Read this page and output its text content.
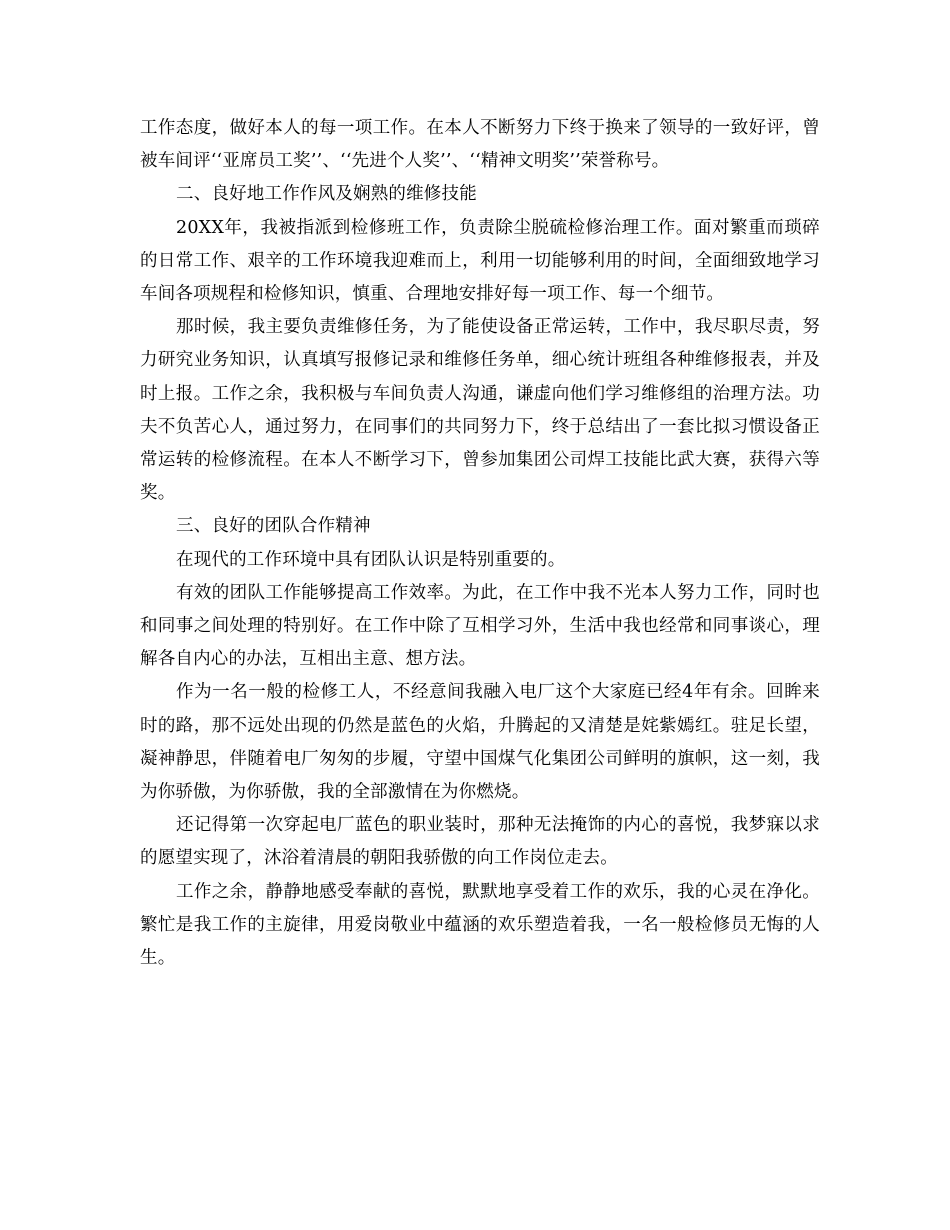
工作态度，做好本人的每一项工作。在本人不断努力下终于换来了领导的一致好评，曾被车间评‘‘亚席员工奖’’、‘‘先进个人奖’’、‘‘精神文明奖’’荣誉称号。

二、良好地工作作风及娴熟的维修技能

20XX年，我被指派到检修班工作，负责除尘脱硫检修治理工作。面对繁重而琐碎的日常工作、艰辛的工作环境我迎难而上，利用一切能够利用的时间，全面细致地学习车间各项规程和检修知识，慎重、合理地安排好每一项工作、每一个细节。

那时候，我主要负责维修任务，为了能使设备正常运转，工作中，我尽职尽责，努力研究业务知识，认真填写报修记录和维修任务单，细心统计班组各种维修报表，并及时上报。工作之余，我积极与车间负责人沟通，谦虚向他们学习维修组的治理方法。功夫不负苦心人，通过努力，在同事们的共同努力下，终于总结出了一套比拟习惯设备正常运转的检修流程。在本人不断学习下，曾参加集团公司焊工技能比武大赛，获得六等奖。

三、良好的团队合作精神

在现代的工作环境中具有团队认识是特别重要的。

有效的团队工作能够提高工作效率。为此，在工作中我不光本人努力工作，同时也和同事之间处理的特别好。在工作中除了互相学习外，生活中我也经常和同事谈心，理解各自内心的办法，互相出主意、想方法。

作为一名一般的检修工人，不经意间我融入电厂这个大家庭已经4年有余。回眸来时的路，那不远处出现的仍然是蓝色的火焰，升腾起的又清楚是姹紫嫣红。驻足长望，凝神静思，伴随着电厂匆匆的步履，守望中国煤气化集团公司鲜明的旗帜，这一刻，我为你骄傲，为你骄傲，我的全部激情在为你燃烧。

还记得第一次穿起电厂蓝色的职业装时，那种无法掩饰的内心的喜悦，我梦寐以求的愿望实现了，沐浴着清晨的朝阳我骄傲的向工作岗位走去。

工作之余，静静地感受奉献的喜悦，默默地享受着工作的欢乐，我的心灵在净化。繁忙是我工作的主旋律，用爱岗敬业中蕴涵的欢乐塑造着我，一名一般检修员无悔的人生。
